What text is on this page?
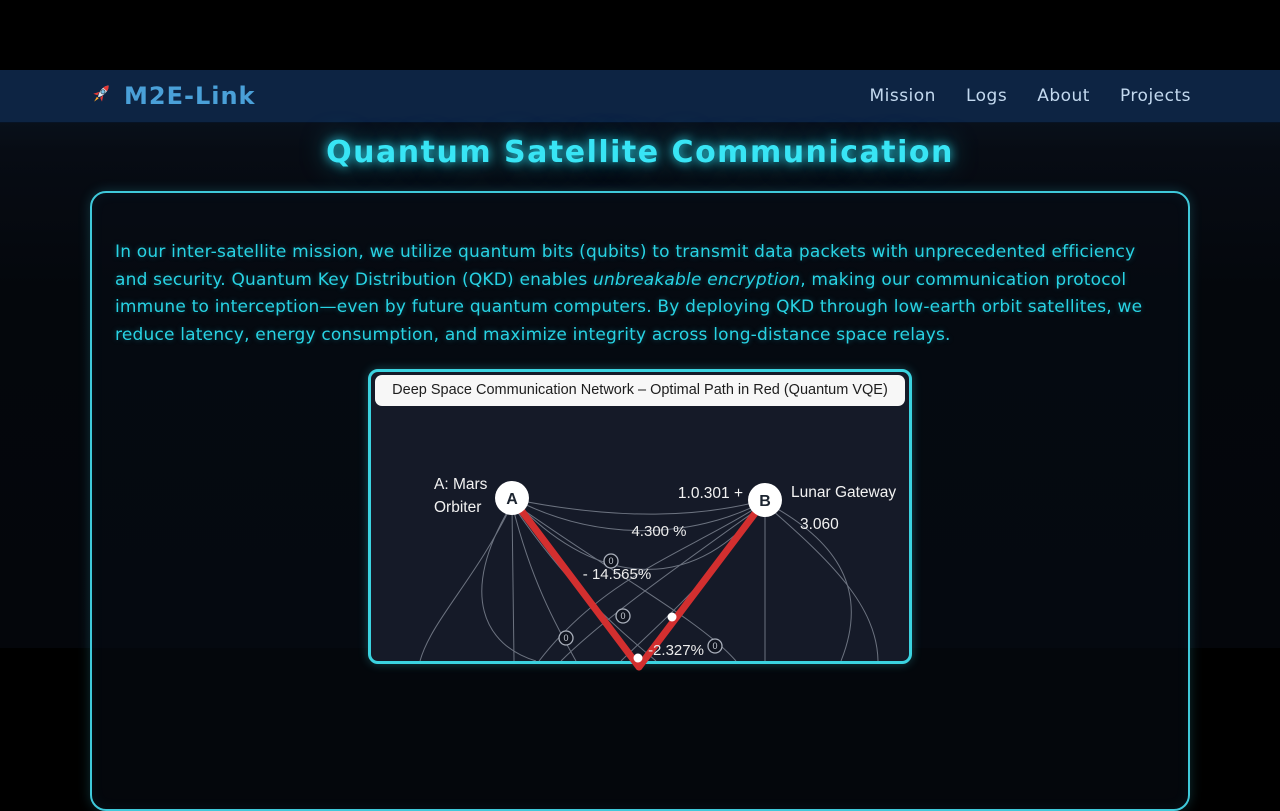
M2E-Link	Mission Logs About Projects
Quantum Satellite Communication

In our inter-satellite mission, we utilize quantum bits (qubits) to transmit data packets with unprecedented efficiency and security. Quantum Key Distribution (QKD) enables unbreakable encryption, making our communication protocol immune to interception—even by future quantum computers. By deploying QKD through low-earth orbit satellites, we reduce latency, energy consumption, and maximize integrity across long-distance space relays.

Deep Space Communication Network – Optimal Path in Red (Quantum VQE)
0
0
0
0
4.300 %
- 14.565%
-2.327%
A
A: Mars
Orbiter	B
1.0.301 +	Lunar Gateway
3.060
